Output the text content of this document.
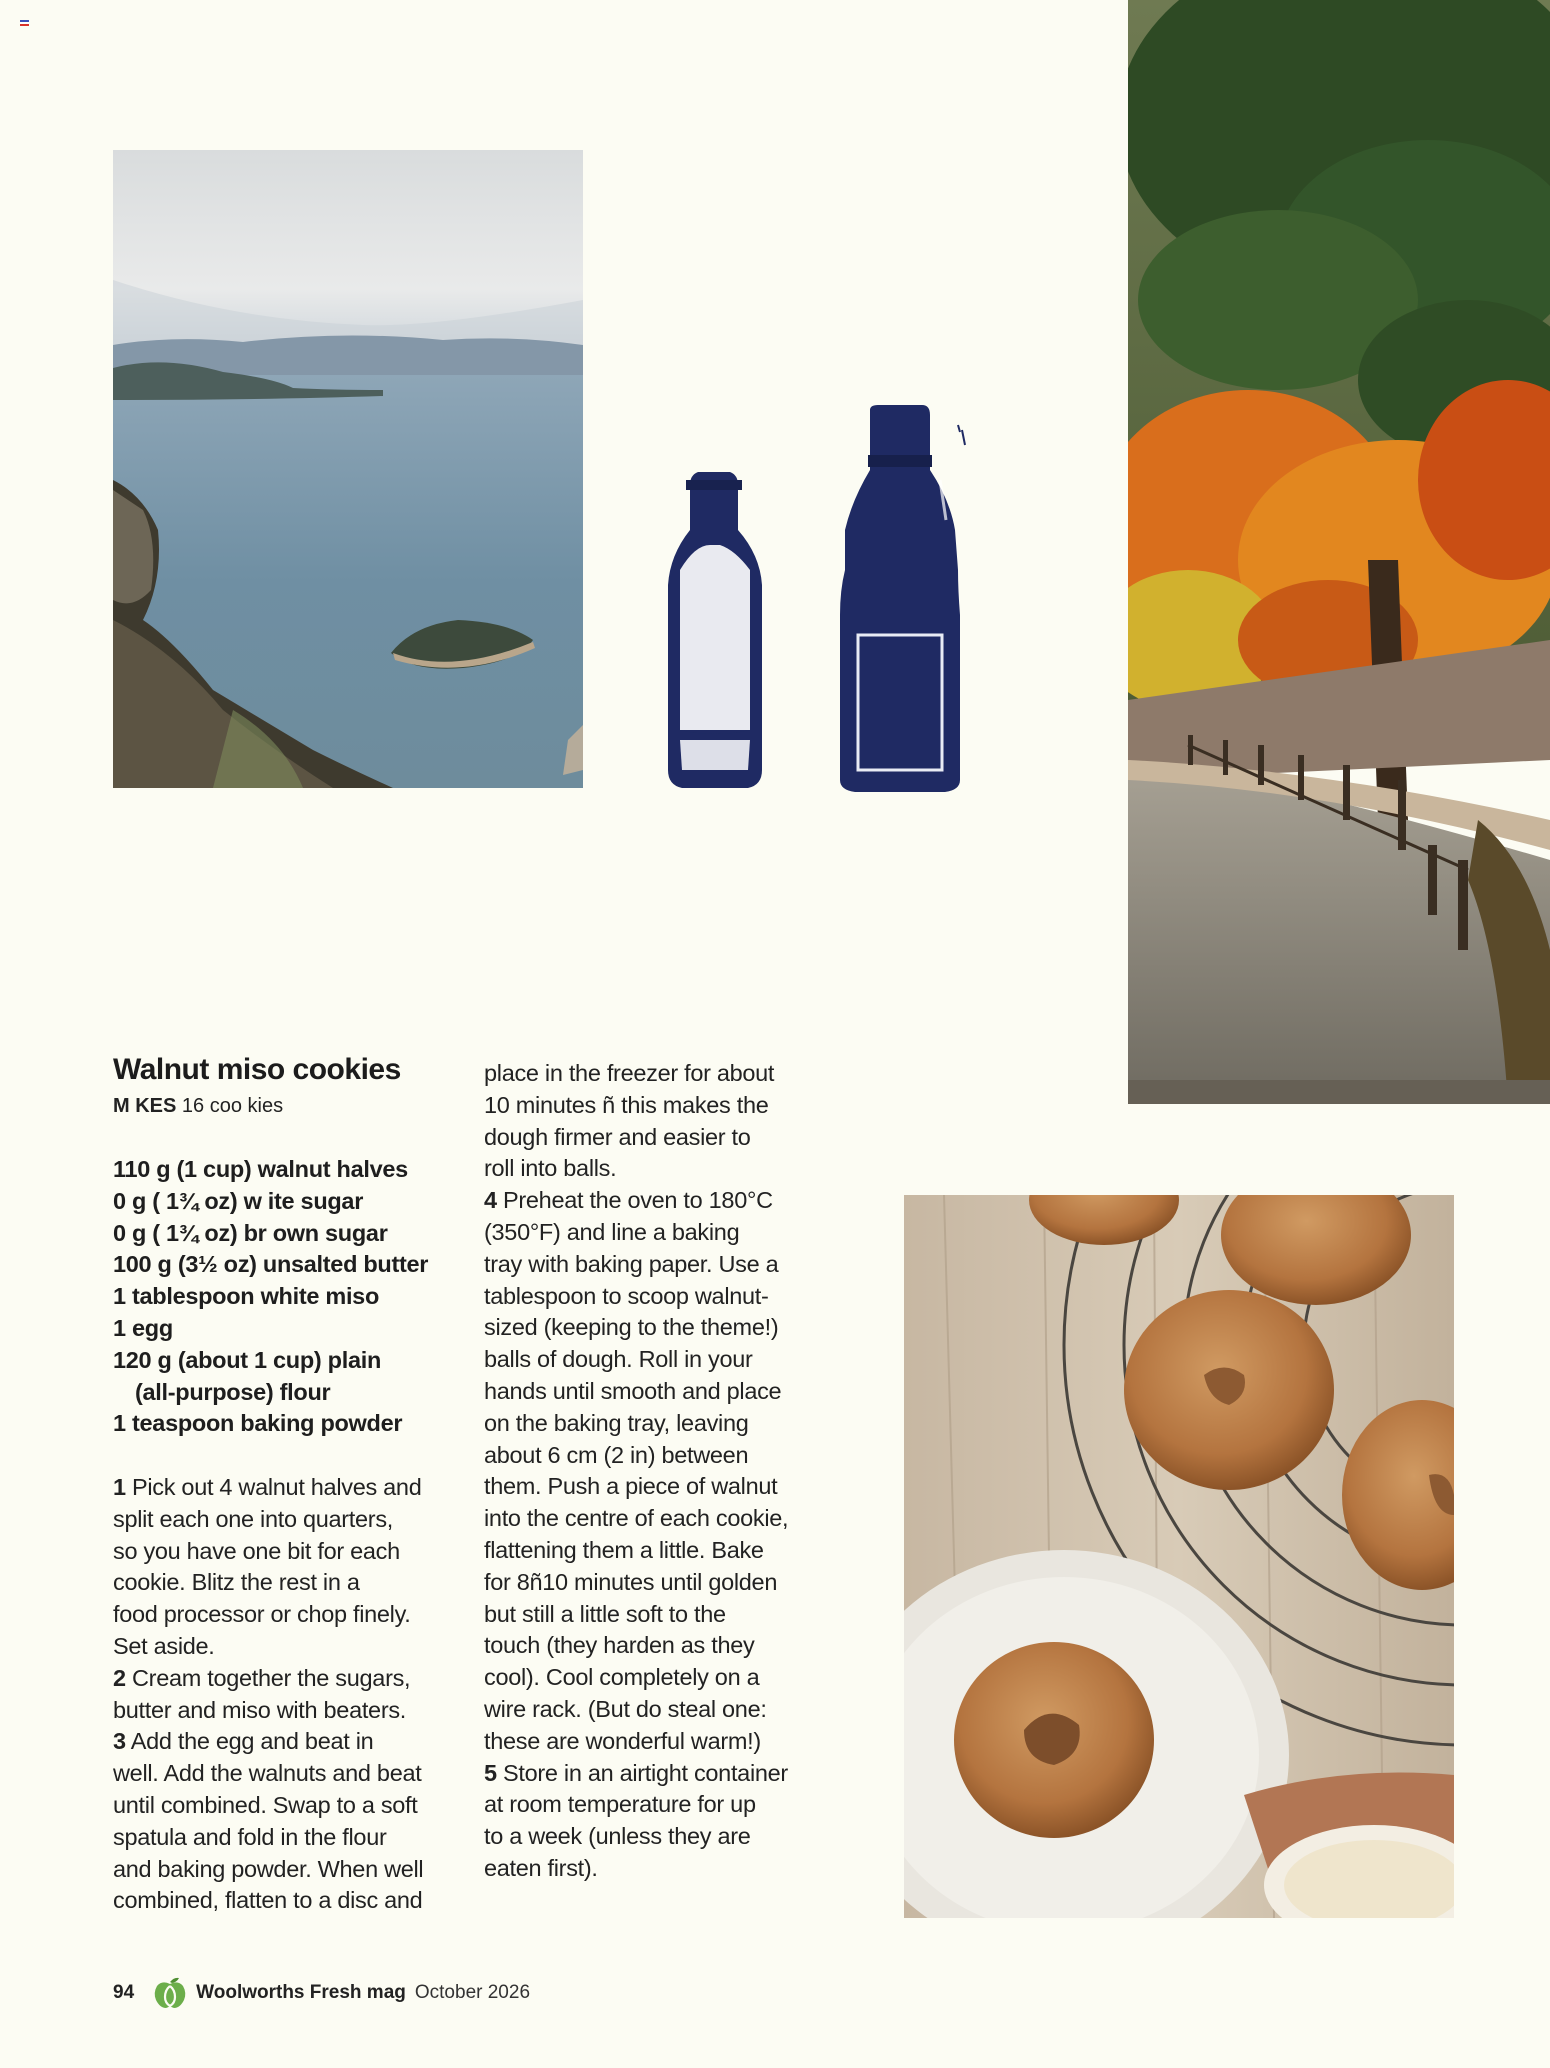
Walnut miso cookies
M KES 16 coo kies
110 g (1 cup) walnut halves
0 g ( 1¾ oz) w ite sugar
0 g ( 1¾ oz) br own sugar
100 g (3½ oz) unsalted butter
1 tablespoon white miso
1 egg
120 g (about 1 cup) plain
(all-purpose) flour
1 teaspoon baking powder

1 Pick out 4 walnut halves and
split each one into quarters,
so you have one bit for each
cookie. Blitz the rest in a
food processor or chop finely.
Set aside.

2 Cream together the sugars,
butter and miso with beaters.

3 Add the egg and beat in
well. Add the walnuts and beat
until combined. Swap to a soft
spatula and fold in the flour
and baking powder. When well
combined, flatten to a disc and

place in the freezer for about
10 minutes ñ this makes the
dough firmer and easier to
roll into balls.

4 Preheat the oven to 180°C
(350°F) and line a baking
tray with baking paper. Use a
tablespoon to scoop walnut-
sized (keeping to the theme!)
balls of dough. Roll in your
hands until smooth and place
on the baking tray, leaving
about 6 cm (2 in) between
them. Push a piece of walnut
into the centre of each cookie,
flattening them a little. Bake
for 8ñ10 minutes until golden
but still a little soft to the
touch (they harden as they
cool). Cool completely on a
wire rack. (But do steal one:
these are wonderful warm!)

5 Store in an airtight container
at room temperature for up
to a week (unless they are
eaten first).

94	Woolworths Fresh mag October 2026
